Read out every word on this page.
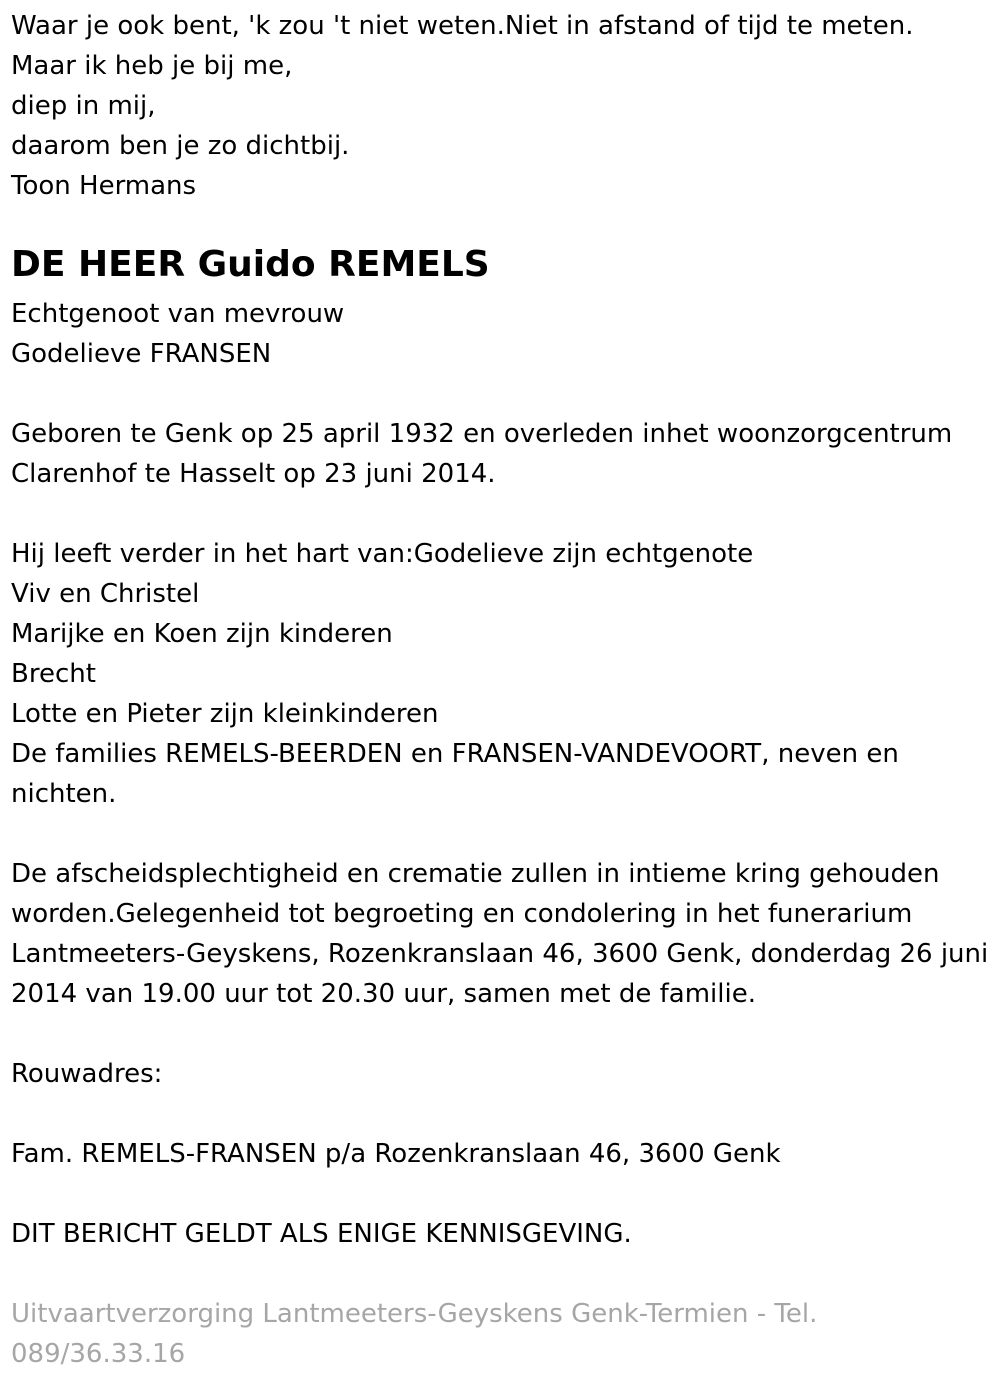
Waar je ook bent, 'k zou 't niet weten.Niet in afstand of tijd te meten.
Maar ik heb je bij me,
diep in mij,
daarom ben je zo dichtbij.
Toon Hermans
DE HEER Guido REMELS
Echtgenoot van mevrouw
Godelieve FRANSEN
Geboren te Genk op 25 april 1932 en overleden inhet woonzorgcentrum Clarenhof te Hasselt op 23 juni 2014.
Hij leeft verder in het hart van:Godelieve zijn echtgenote
Viv en Christel
Marijke en Koen zijn kinderen
Brecht
Lotte en Pieter zijn kleinkinderen
De families REMELS-BEERDEN en FRANSEN-VANDEVOORT, neven en nichten.
De afscheidsplechtigheid en crematie zullen in intieme kring gehouden worden.Gelegenheid tot begroeting en condolering in het funerarium Lantmeeters-Geyskens, Rozenkranslaan 46, 3600 Genk, donderdag 26 juni 2014 van 19.00 uur tot 20.30 uur, samen met de familie.
Rouwadres:
Fam. REMELS-FRANSEN p/a Rozenkranslaan 46, 3600 Genk
DIT BERICHT GELDT ALS ENIGE KENNISGEVING.
Uitvaartverzorging Lantmeeters-Geyskens Genk-Termien - Tel. 089/36.33.16
